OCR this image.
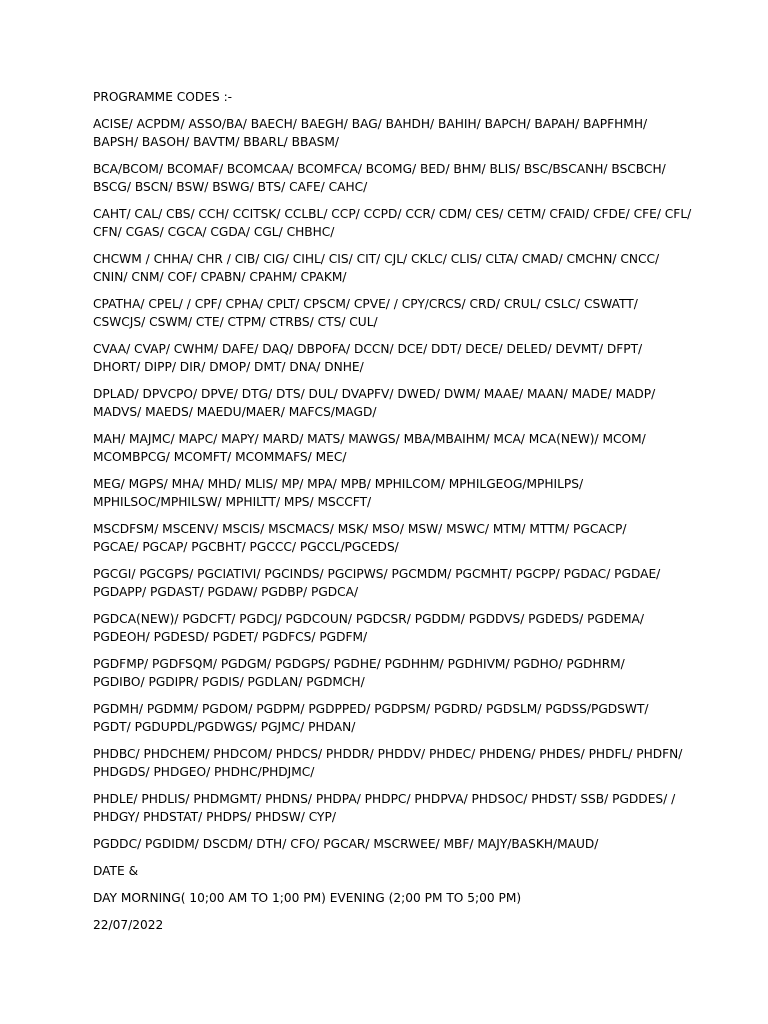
PROGRAMME CODES :-

ACISE/ ACPDM/ ASSO/BA/ BAECH/ BAEGH/ BAG/ BAHDH/ BAHIH/ BAPCH/ BAPAH/ BAPFHMH/
BAPSH/ BASOH/ BAVTM/ BBARL/ BBASM/

BCA/BCOM/ BCOMAF/ BCOMCAA/ BCOMFCA/ BCOMG/ BED/ BHM/ BLIS/ BSC/BSCANH/ BSCBCH/
BSCG/ BSCN/ BSW/ BSWG/ BTS/ CAFE/ CAHC/

CAHT/ CAL/ CBS/ CCH/ CCITSK/ CCLBL/ CCP/ CCPD/ CCR/ CDM/ CES/ CETM/ CFAID/ CFDE/ CFE/ CFL/
CFN/ CGAS/ CGCA/ CGDA/ CGL/ CHBHC/

CHCWM / CHHA/ CHR / CIB/ CIG/ CIHL/ CIS/ CIT/ CJL/ CKLC/ CLIS/ CLTA/ CMAD/ CMCHN/ CNCC/
CNIN/ CNM/ COF/ CPABN/ CPAHM/ CPAKM/

CPATHA/ CPEL/ / CPF/ CPHA/ CPLT/ CPSCM/ CPVE/ / CPY/CRCS/ CRD/ CRUL/ CSLC/ CSWATT/
CSWCJS/ CSWM/ CTE/ CTPM/ CTRBS/ CTS/ CUL/

CVAA/ CVAP/ CWHM/ DAFE/ DAQ/ DBPOFA/ DCCN/ DCE/ DDT/ DECE/ DELED/ DEVMT/ DFPT/
DHORT/ DIPP/ DIR/ DMOP/ DMT/ DNA/ DNHE/

DPLAD/ DPVCPO/ DPVE/ DTG/ DTS/ DUL/ DVAPFV/ DWED/ DWM/ MAAE/ MAAN/ MADE/ MADP/
MADVS/ MAEDS/ MAEDU/MAER/ MAFCS/MAGD/

MAH/ MAJMC/ MAPC/ MAPY/ MARD/ MATS/ MAWGS/ MBA/MBAIHM/ MCA/ MCA(NEW)/ MCOM/
MCOMBPCG/ MCOMFT/ MCOMMAFS/ MEC/

MEG/ MGPS/ MHA/ MHD/ MLIS/ MP/ MPA/ MPB/ MPHILCOM/ MPHILGEOG/MPHILPS/
MPHILSOC/MPHILSW/ MPHILTT/ MPS/ MSCCFT/

MSCDFSM/ MSCENV/ MSCIS/ MSCMACS/ MSK/ MSO/ MSW/ MSWC/ MTM/ MTTM/ PGCACP/
PGCAE/ PGCAP/ PGCBHT/ PGCCC/ PGCCL/PGCEDS/

PGCGI/ PGCGPS/ PGCIATIVI/ PGCINDS/ PGCIPWS/ PGCMDM/ PGCMHT/ PGCPP/ PGDAC/ PGDAE/
PGDAPP/ PGDAST/ PGDAW/ PGDBP/ PGDCA/

PGDCA(NEW)/ PGDCFT/ PGDCJ/ PGDCOUN/ PGDCSR/ PGDDM/ PGDDVS/ PGDEDS/ PGDEMA/
PGDEOH/ PGDESD/ PGDET/ PGDFCS/ PGDFM/

PGDFMP/ PGDFSQM/ PGDGM/ PGDGPS/ PGDHE/ PGDHHM/ PGDHIVM/ PGDHO/ PGDHRM/
PGDIBO/ PGDIPR/ PGDIS/ PGDLAN/ PGDMCH/

PGDMH/ PGDMM/ PGDOM/ PGDPM/ PGDPPED/ PGDPSM/ PGDRD/ PGDSLM/ PGDSS/PGDSWT/
PGDT/ PGDUPDL/PGDWGS/ PGJMC/ PHDAN/

PHDBC/ PHDCHEM/ PHDCOM/ PHDCS/ PHDDR/ PHDDV/ PHDEC/ PHDENG/ PHDES/ PHDFL/ PHDFN/
PHDGDS/ PHDGEO/ PHDHC/PHDJMC/

PHDLE/ PHDLIS/ PHDMGMT/ PHDNS/ PHDPA/ PHDPC/ PHDPVA/ PHDSOC/ PHDST/ SSB/ PGDDES/ /
PHDGY/ PHDSTAT/ PHDPS/ PHDSW/ CYP/

PGDDC/ PGDIDM/ DSCDM/ DTH/ CFO/ PGCAR/ MSCRWEE/ MBF/ MAJY/BASKH/MAUD/

DATE &

DAY MORNING( 10;00 AM TO 1;00 PM) EVENING (2;00 PM TO 5;00 PM)

22/07/2022
